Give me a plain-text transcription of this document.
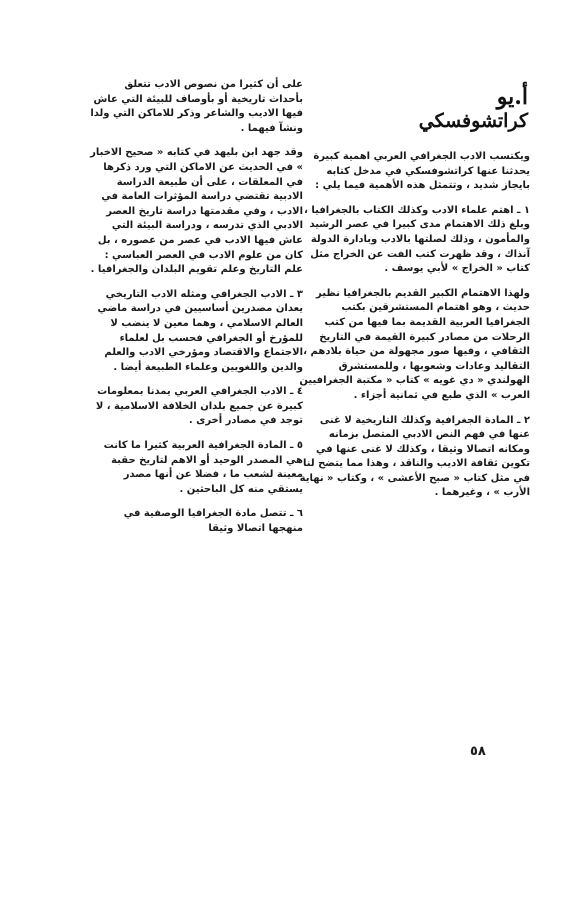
أ.يو
كراتشوفسكي

ويكتسب الادب الجغرافي العربي اهمية كبيرة يحدثنا عنها كراتشوفسكي في مدخل كتابه بايجاز شديد ، وتتمثل هذه الأهمية فيما يلي :

١ ـ اهتم علماء الادب وكذلك الكتاب بالجغرافيا ، وبلغ ذلك الاهتمام مدى كبيرا في عصر الرشيد والمأمون ، وذلك لصلتها بالادب وبادارة الدولة آنذاك ، وقد ظهرت كتب الفت عن الخراج مثل كتاب « الخراج » لأبي يوسف .

ولهذا الاهتمام الكبير القديم بالجغرافيا نظير حديث ، وهو اهتمام المستشرقين بكتب الجغرافيا العربية القديمة بما فيها من كتب الرحلات من مصادر كبيرة القيمة في التاريخ الثقافي ، وفيها صور مجهولة من حياة بلادهم ، التقاليد وعادات وشعوبها ، وللمستشرق الهولندي « دي غويه » كتاب « مكتبة الجغرافيين العرب » الذي طبع في ثمانية أجزاء .

٢ ـ المادة الجغرافية وكذلك التاريخية لا غنى عنها في فهم النص الادبي المتصل بزمانه ومكانه اتصالا وثيقا ، وكذلك لا غنى عنها في تكوين ثقافة الاديب والناقد ، وهذا مما يتضح لنا في مثل كتاب « صبح الأعشى » ، وكتاب « نهاية الأرب » ، وغيرهما .

على أن كثيرا من نصوص الادب تتعلق بأحداث تاريخية أو بأوصاف للبيئة التي عاش فيها الاديب والشاعر وذكر للاماكن التي ولدا ونشآ فيهما .

وقد جهد ابن بليهد في كتابه « صحيح الاخبار » في الحديث عن الاماكن التي ورد ذكرها في المعلقات ، على أن طبيعة الدراسة الادبية تقتضي دراسة المؤثرات العامة في الادب ، وفي مقدمتها دراسة تاريخ العصر الادبي الذي تدرسه ، ودراسة البيئة التي عاش فيها الادب في عصر من عصوره ، بل كان من علوم الادب في العصر العباسي : علم التاريخ وعلم تقويم البلدان والجغرافيا .

٣ ـ الادب الجغرافي ومثله الادب التاريخي يعدان مصدرين أساسيين في دراسة ماضي العالم الاسلامي ، وهما معين لا ينضب لا للمؤرخ أو الجغرافي فحسب بل لعلماء الاجتماع والاقتصاد ومؤرخي الادب والعلم والدين واللغويين وعلماء الطبيعة أيضا .

٤ ـ الادب الجغرافي العربي يمدنا بمعلومات كبيرة عن جميع بلدان الخلافة الاسلامية ، لا توجد في مصادر أخرى .

٥ ـ المادة الجغرافية العربية كثيرا ما كانت هي المصدر الوحيد أو الاهم لتاريخ حقبة معينة لشعب ما ، فضلا عن أنها مصدر يستقي منه كل الباحثين .

٦ ـ تتصل مادة الجغرافيا الوصفية في منهجها اتصالا وثيقا

٥٨
